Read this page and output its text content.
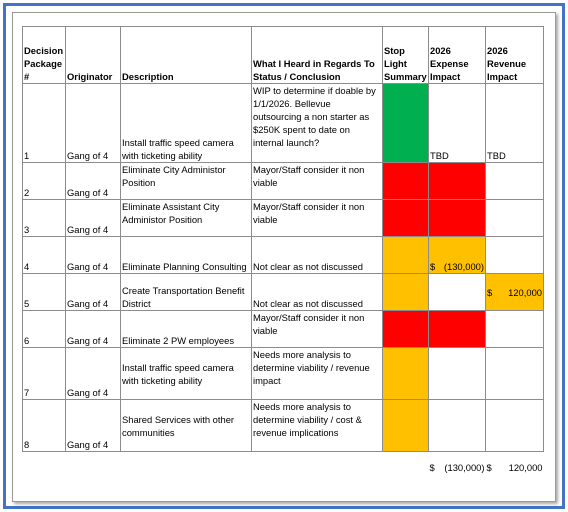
Decision Package #	Originator	Description	What I Heard in Regards To Status / Conclusion	Stop Light Summary	2026 Expense Impact	2026 Revenue Impact
1	Gang of 4	Install traffic speed camera with ticketing ability	WIP to determine if doable by 1/1/2026. Bellevue outsourcing a non starter as $250K spent to date on internal launch?		TBD	TBD
2	Gang of 4	Eliminate City Administor Position	Mayor/Staff consider it non viable			
3	Gang of 4	Eliminate Assistant City Administor Position	Mayor/Staff consider it non viable			
4	Gang of 4	Eliminate Planning Consulting	Not clear as not discussed		$ (130,000)	

5	Gang of 4	Create Transportation Benefit District	Not clear as not discussed			$ 120,000

6	Gang of 4	Eliminate 2 PW employees	Mayor/Staff consider it non viable			
7	Gang of 4	Install traffic speed camera with ticketing ability	Needs more analysis to determine viability / revenue impact			
8	Gang of 4	Shared Services with other communities	Needs more analysis to determine viability / cost & revenue implications			

					$ (130,000)	$ 120,000
